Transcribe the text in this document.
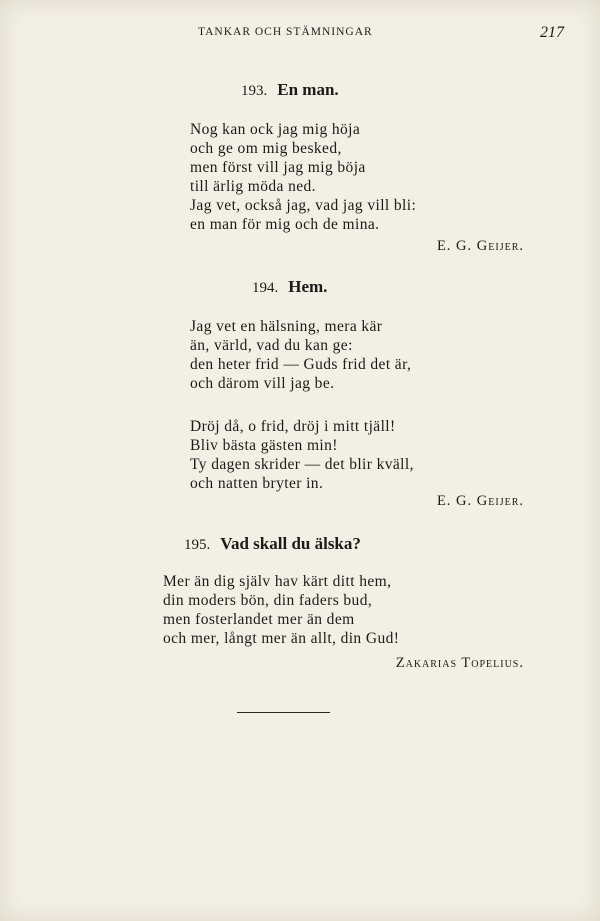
TANKAR OCH STÄMNINGAR	217
193. En man.
Nog kan ock jag mig höja
och ge om mig besked,
men först vill jag mig böja
till ärlig möda ned.
Jag vet, också jag, vad jag vill bli:
en man för mig och de mina.
E. G. Geijer.
194. Hem.
Jag vet en hälsning, mera kär
än, värld, vad du kan ge:
den heter frid — Guds frid det är,
och därom vill jag be.
Dröj då, o frid, dröj i mitt tjäll!
Bliv bästa gästen min!
Ty dagen skrider — det blir kväll,
och natten bryter in.
E. G. Geijer.
195. Vad skall du älska?
Mer än dig själv hav kärt ditt hem,
din moders bön, din faders bud,
men fosterlandet mer än dem
och mer, långt mer än allt, din Gud!
Zakarias Topelius.
